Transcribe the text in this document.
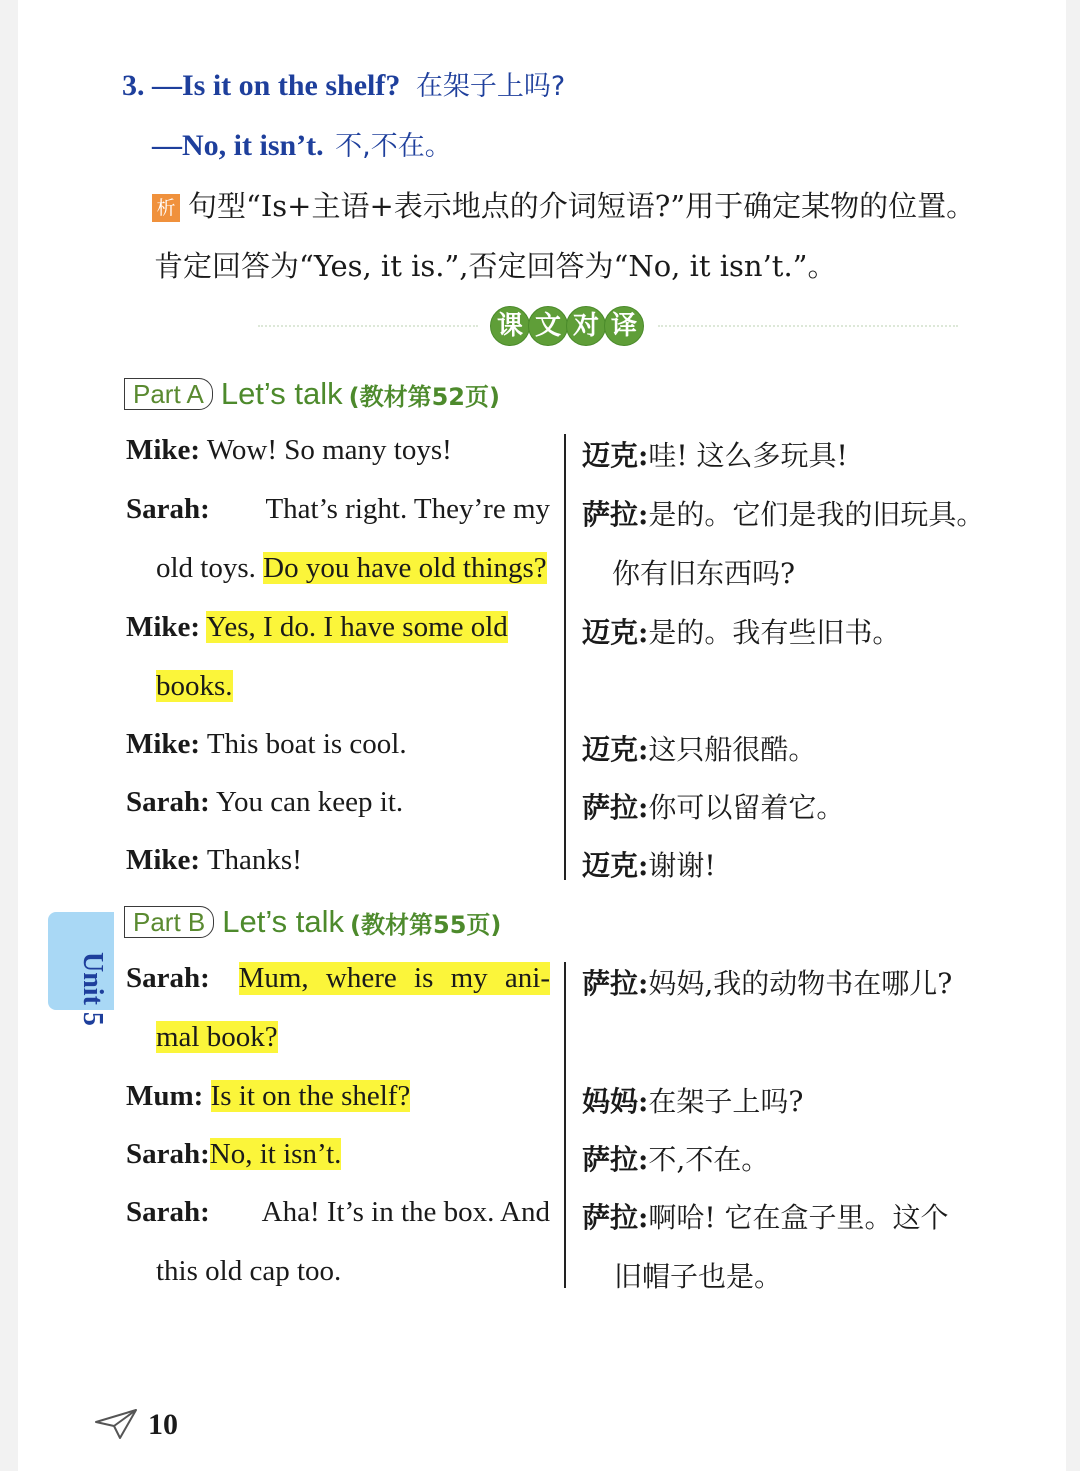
3. —Is it on the shelf? 在架子上吗?
—No, it isn’t. 不,不在。
析 句型“Is+主语+表示地点的介词短语?”用于确定某物的位置。
肯定回答为“Yes, it is.”,否定回答为“No, it isn’t.”。
课 文 对 译
Part A Let’s talk (教材第52页)
Mike: Wow! So many toys!
Sarah: That’s right. They’re my
old toys. Do you have old things?
Mike: Yes, I do. I have some old
books.
Mike: This boat is cool.
Sarah: You can keep it.
Mike: Thanks!
迈克:哇! 这么多玩具!
萨拉:是的。它们是我的旧玩具。
你有旧东西吗?
迈克:是的。我有些旧书。
迈克:这只船很酷。
萨拉:你可以留着它。
迈克:谢谢!
Part B Let’s talk (教材第55页)
Sarah: Mum, where is my ani-
mal book?
Mum: Is it on the shelf?
Sarah:No, it isn’t.
Sarah: Aha! It’s in the box. And
this old cap too.
萨拉:妈妈,我的动物书在哪儿?
妈妈:在架子上吗?
萨拉:不,不在。
萨拉:啊哈! 它在盒子里。这个
旧帽子也是。
Unit 5
10
